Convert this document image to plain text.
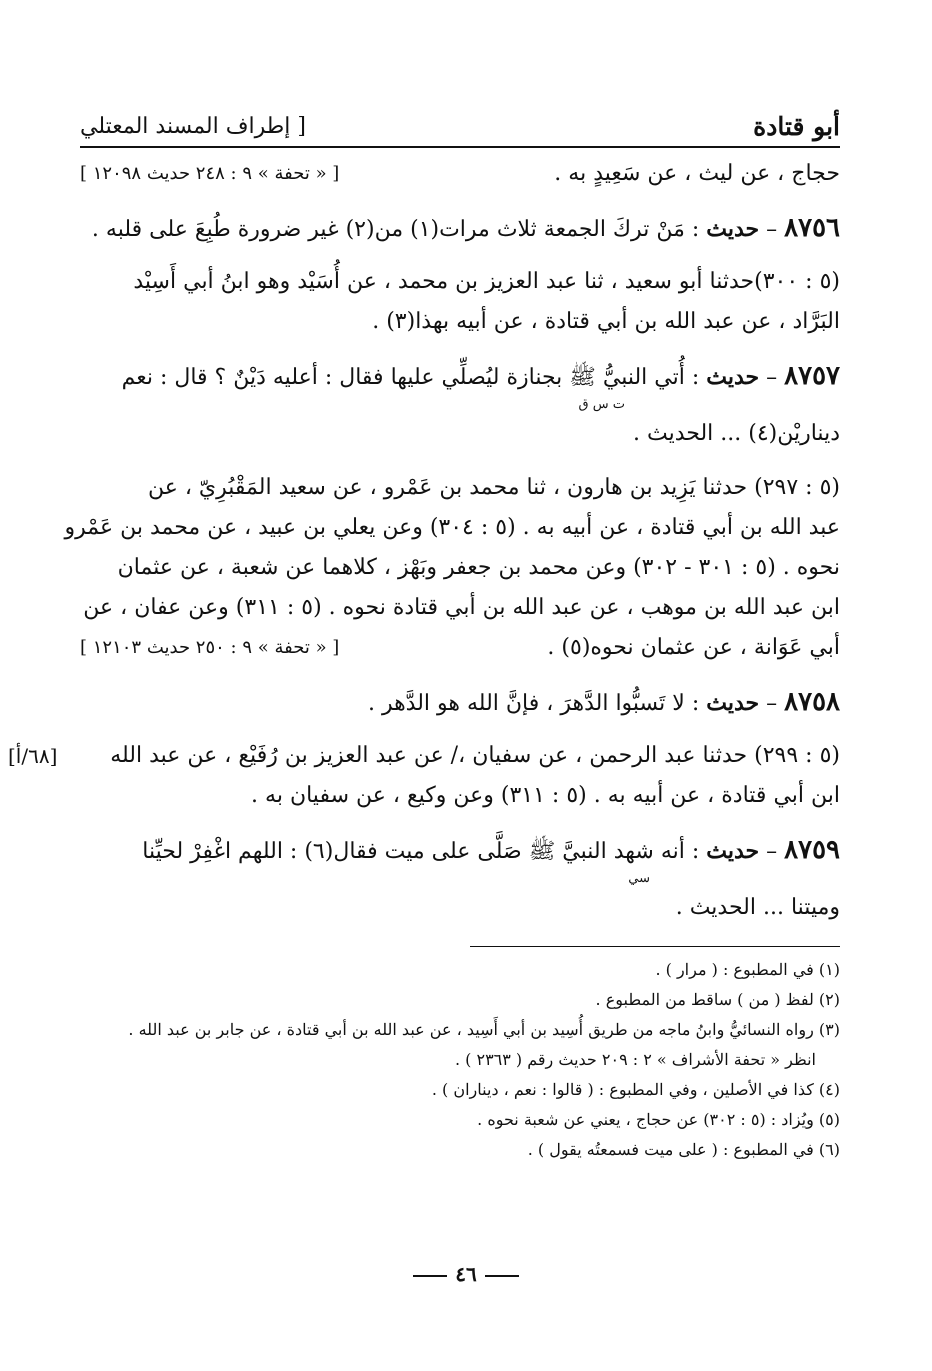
أبو قتادة
[ إطراف المسند المعتلي
حجاج ، عن ليث ، عن سَعِيدٍ به .
[ « تحفة » ٩ : ٢٤٨ حديث ١٢٠٩٨ ]
٨٧٥٦ – حديث : مَنْ تركَ الجمعة ثلاث مرات(١) من(٢) غير ضرورة طُبِعَ على قلبه .
(٥ : ٣٠٠)حدثنا أبو سعيد ، ثنا عبد العزيز بن محمد ، عن أُسَيْد وهو ابنُ أبي أَسِيْد
البَرَّاد ، عن عبد الله بن أبي قتادة ، عن أبيه بهذا(٣) .
٨٧٥٧ – حديث : أُتي النبيُّ ﷺ بجنازة ليُصلِّي عليها فقال : أعليه دَيْنٌ ؟ قال : نعم
ت س ق
ديناريْن(٤) ... الحديث .
(٥ : ٢٩٧) حدثنا يَزِيد بن هارون ، ثنا محمد بن عَمْرو ، عن سعيد المَقْبُرِيّ ، عن
عبد الله بن أبي قتادة ، عن أبيه به . (٥ : ٣٠٤) وعن يعلي بن عبيد ، عن محمد بن عَمْرو
نحوه . (٥ : ٣٠١ - ٣٠٢) وعن محمد بن جعفر وبَهْز ، كلاهما عن شعبة ، عن عثمان
ابن عبد الله بن موهب ، عن عبد الله بن أبي قتادة نحوه . (٥ : ٣١١) وعن عفان ، عن
أبي عَوَانة ، عن عثمان نحوه(٥) .
[ « تحفة » ٩ : ٢٥٠ حديث ١٢١٠٣ ]
٨٧٥٨ – حديث : لا تَسبُّوا الدَّهرَ ، فإنَّ الله هو الدَّهر .
(٥ : ٢٩٩) حدثنا عبد الرحمن ، عن سفيان ،/ عن عبد العزيز بن رُفَيْع ، عن عبد الله
[٦٨/أ]
ابن أبي قتادة ، عن أبيه به . (٥ : ٣١١) وعن وكيع ، عن سفيان به .
٨٧٥٩ – حديث : أنه شهد النبيَّ ﷺ صَلَّى على ميت فقال(٦) : اللهم اغْفِرْ لحيِّنا
سي
وميتنا ... الحديث .
(١) في المطبوع : ( مرار ) .
(٢) لفظ ( من ) ساقط من المطبوع .
(٣) رواه النسائيُّ وابنُ ماجه من طريق أُسِيد بن أبي أَسِيد ، عن عبد الله بن أبي قتادة ، عن جابر بن عبد الله .
انظر « تحفة الأشراف » ٢ : ٢٠٩ حديث رقم ( ٢٣٦٣ ) .
(٤) كذا في الأصلين ، وفي المطبوع : ( قالوا : نعم ، ديناران ) .
(٥) ويُزاد : (٥ : ٣٠٢) عن حجاج ، يعني عن شعبة نحوه .
(٦) في المطبوع : ( على ميت فسمعتُه يقول ) .
٤٦
